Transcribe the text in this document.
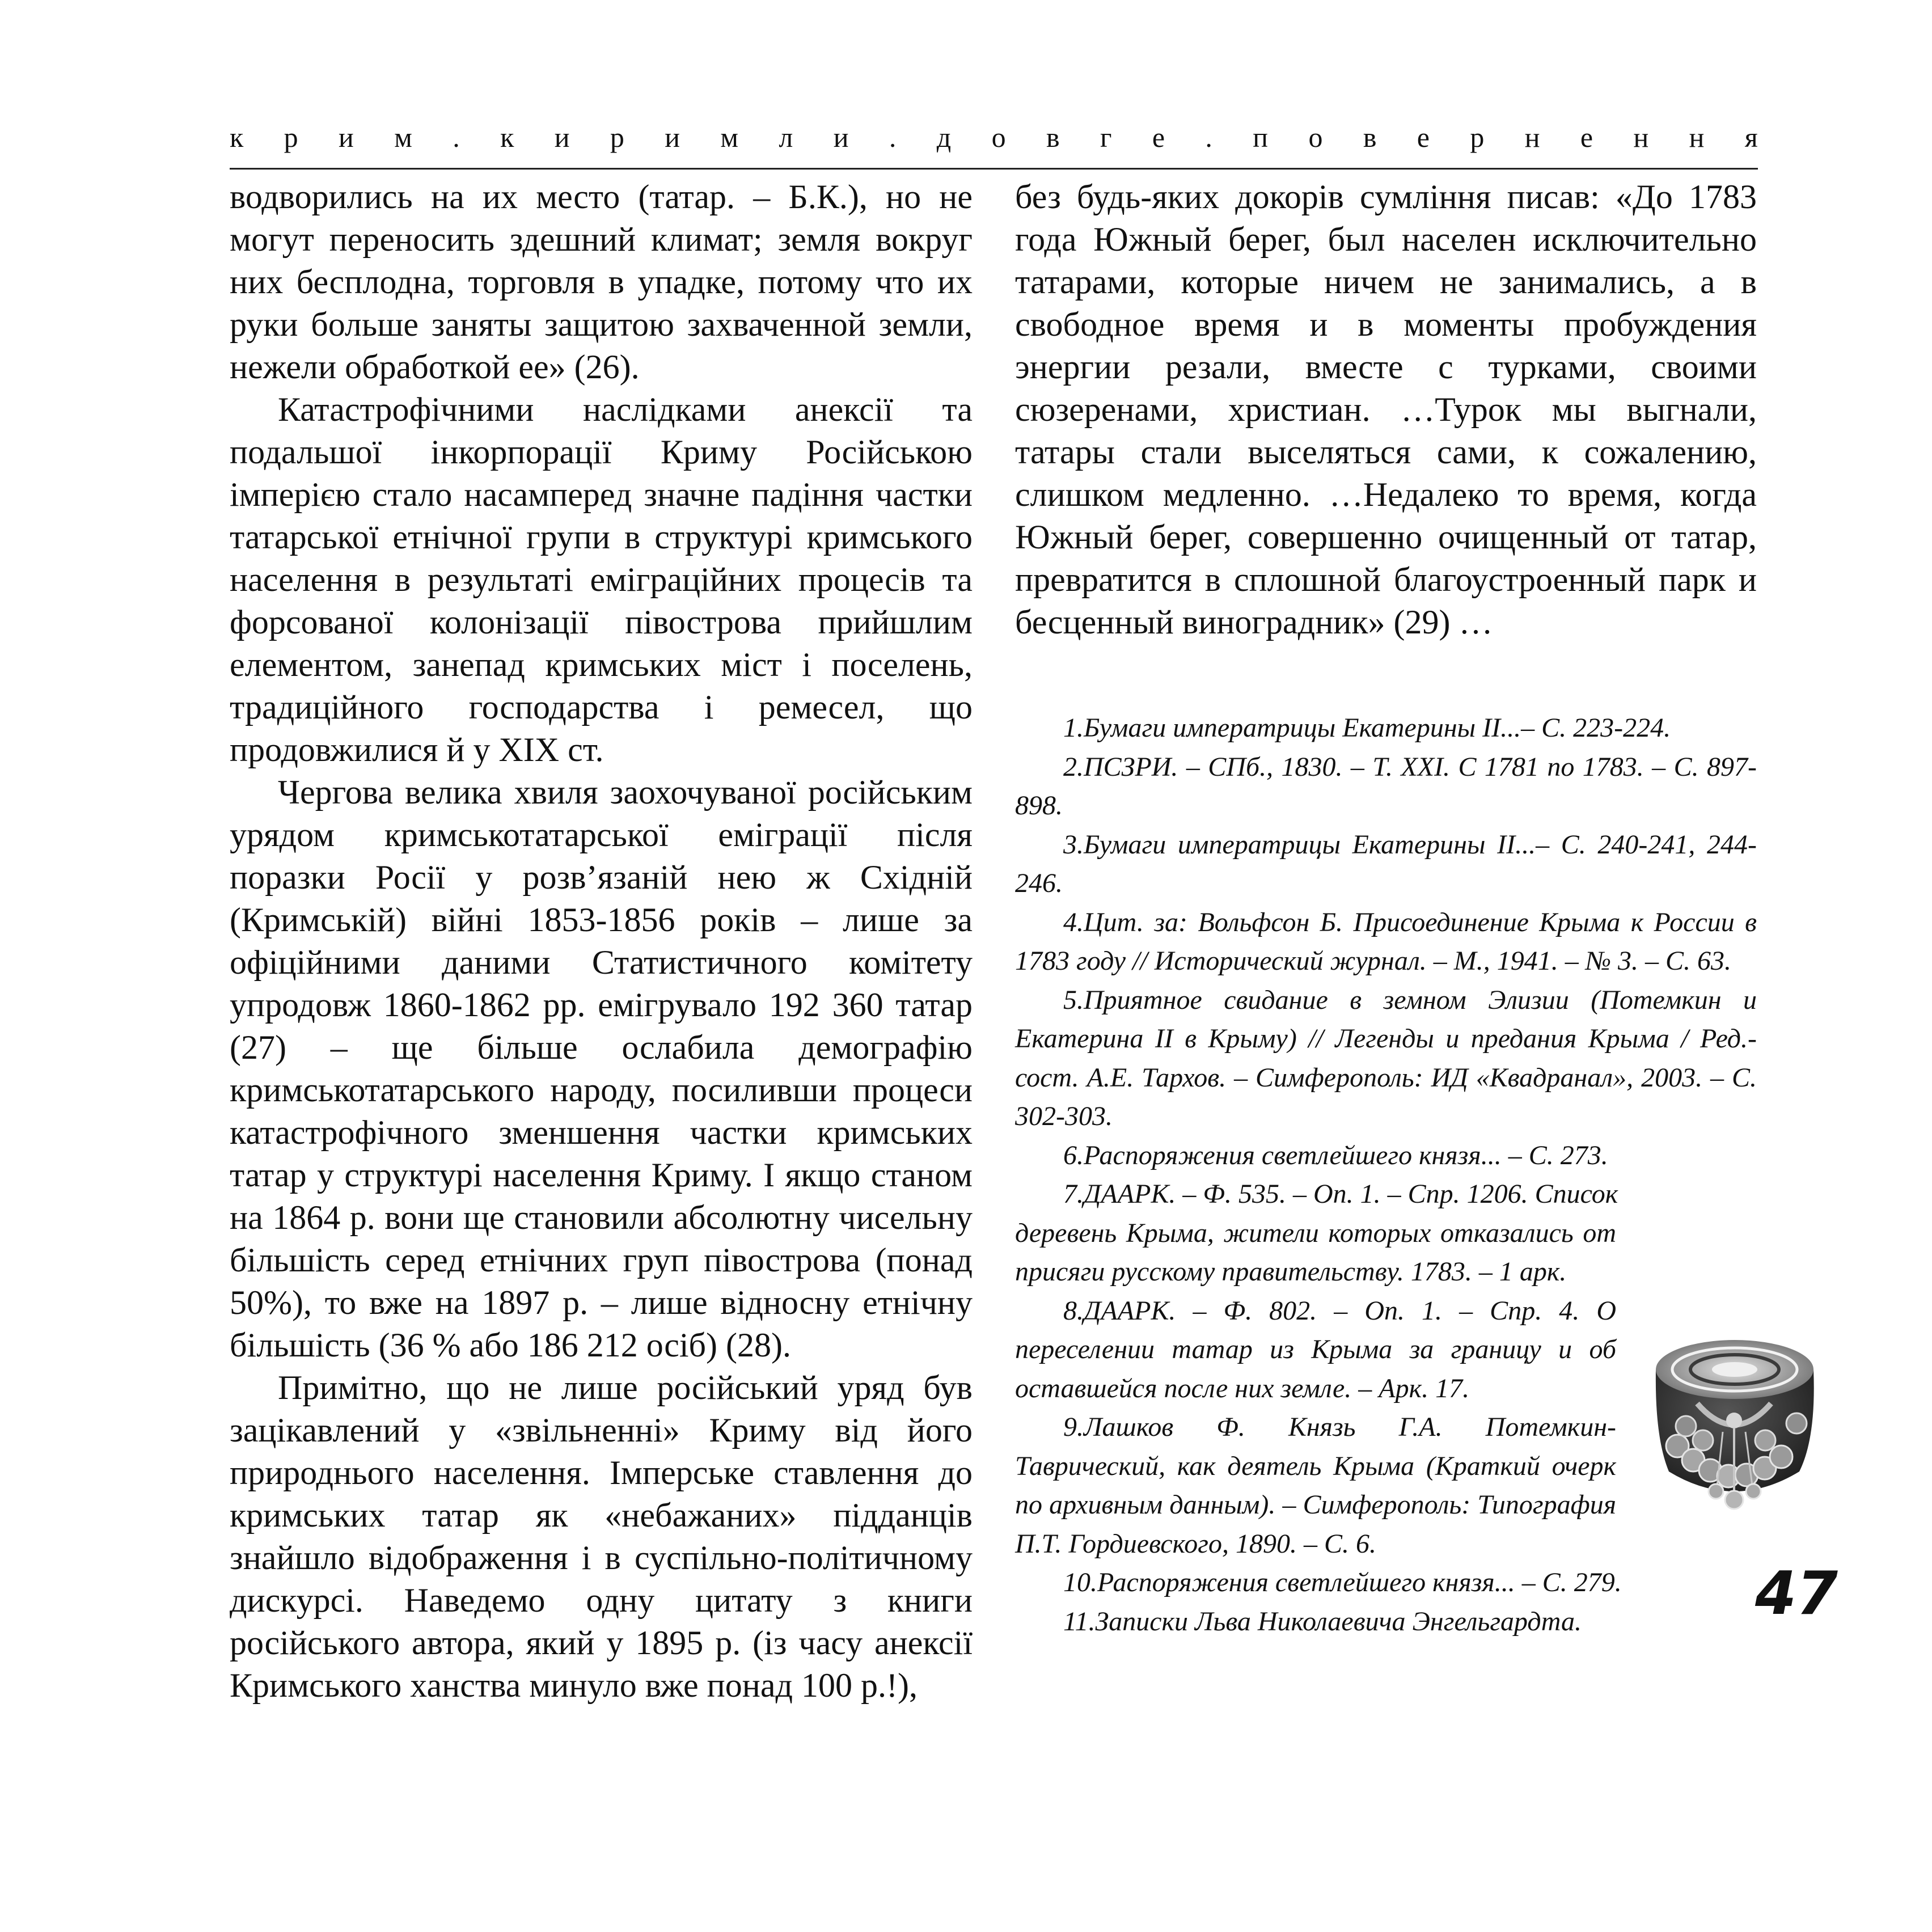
к р и м . к и р и м л и . д о в г е . п о в е р н е н н я

водворились на их место (татар. – Б.К.), но не могут переносить здешний климат; земля вокруг них бесплодна, торговля в упадке, потому что их руки больше заняты защитою захваченной земли, нежели обработкой ее» (26).

Катастрофічними наслідками анексії та подальшої інкорпорації Криму Російською імперією стало насамперед значне падіння частки татарської етнічної групи в структурі кримського населення в результаті еміграційних процесів та форсованої колонізації півострова прийшлим елементом, занепад кримських міст і поселень, традиційного господарства і ремесел, що продовжилися й у XIX ст.

Чергова велика хвиля заохочуваної російським урядом кримськотатарської еміграції після поразки Росії у розв’язаній нею ж Східній (Кримській) війні 1853-1856 років – лише за офіційними даними Статистичного комітету упродовж 1860-1862 рр. емігрувало 192 360 татар (27) – ще більше ослабила демографію кримськотатарського народу, посиливши процеси катастрофічного зменшення частки кримських татар у структурі населення Криму. І якщо станом на 1864 р. вони ще становили абсолютну чисельну більшість серед етнічних груп півострова (понад 50%), то вже на 1897 р. – лише відносну етнічну більшість (36 % або 186 212 осіб) (28).

Примітно, що не лише російський уряд був зацікавлений у «звільненні» Криму від його природнього населення. Імперське ставлення до кримських татар як «небажаних» підданців знайшло відображення і в суспільно-політичному дискурсі. Наведемо одну цитату з книги російського автора, який у 1895 р. (із часу анексії Кримського ханства минуло вже понад 100 р.!),

без будь-яких докорів сумління писав: «До 1783 года Южный берег, был населен исключительно татарами, которые ничем не занимались, а в свободное время и в моменты пробуждения энергии резали, вместе с турками, своими сюзеренами, христиан. …Турок мы выгнали, татары стали выселяться сами, к сожалению, слишком медленно. …Недалеко то время, когда Южный берег, совершенно очищенный от татар, превратится в сплошной благоустроенный парк и бесценный виноградник» (29) …

1.Бумаги императрицы Екатерины II...– С. 223-224.

2.ПСЗРИ. – СПб., 1830. – Т. XXI. С 1781 по 1783. – С. 897-898.

3.Бумаги императрицы Екатерины II...– С. 240-241, 244-246.

4.Цит. за: Вольфсон Б. Присоединение Крыма к России в 1783 году // Исторический журнал. – М., 1941. – № 3. – С. 63.

5.Приятное свидание в земном Элизии (Потемкин и Екатерина II в Крыму) // Легенды и предания Крыма / Ред.-сост. А.Е. Тархов. – Симферополь: ИД «Квадранал», 2003. – С. 302-303.

6.Распоряжения светлейшего князя... – С. 273.

7.ДААРК. – Ф. 535. – Оп. 1. – Спр. 1206. Список

деревень Крыма, жители которых отказались от присяги русскому правительству. 1783. – 1 арк.

8.ДААРК. – Ф. 802. – Оп. 1. – Спр. 4. О переселении татар из Крыма за границу и об оставшейся после них земле. – Арк. 17.

9.Лашков Ф. Князь Г.А. Потемкин-Таврический, как деятель Крыма (Краткий очерк по архивным данным). – Симферополь: Типография П.Т. Гордиевского, 1890. – С. 6.

10.Распоряжения светлейшего князя... – С. 279.

11.Записки Льва Николаевича Энгельгардта.	47
